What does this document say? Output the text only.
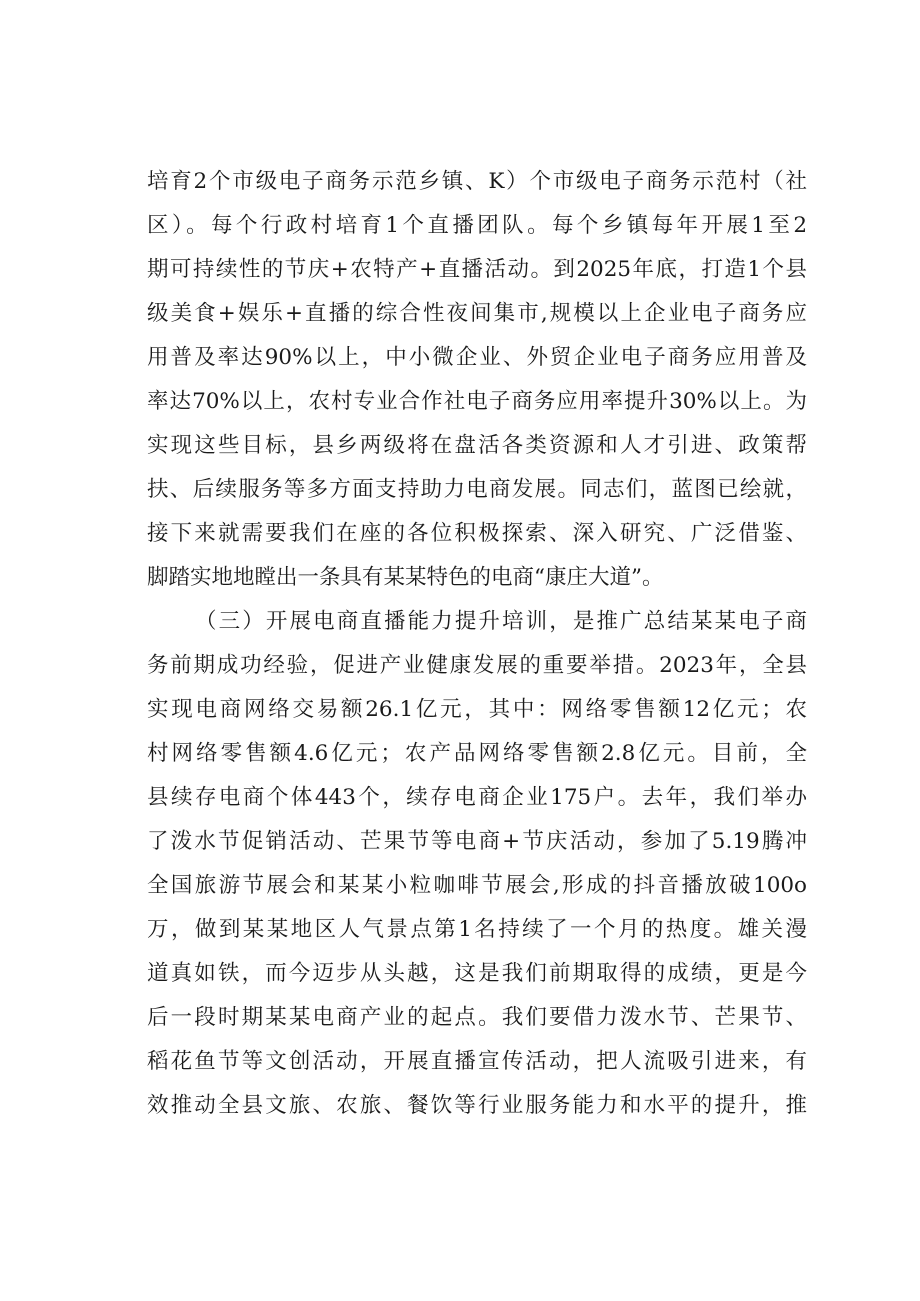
培育2个市级电子商务示范乡镇、K）个市级电子商务示范村（社
区）。每个行政村培育1个直播团队。每个乡镇每年开展1至2
期可持续性的节庆+农特产+直播活动。到2025年底，打造1个县
级美食+娱乐+直播的综合性夜间集市,规模以上企业电子商务应
用普及率达90%以上，中小微企业、外贸企业电子商务应用普及
率达70%以上，农村专业合作社电子商务应用率提升30%以上。为
实现这些目标，县乡两级将在盘活各类资源和人才引进、政策帮
扶、后续服务等多方面支持助力电商发展。同志们，蓝图已绘就，
接下来就需要我们在座的各位积极探索、深入研究、广泛借鉴、
脚踏实地地瞠出一条具有某某特色的电商“康庄大道”。
（三）开展电商直播能力提升培训，是推广总结某某电子商
务前期成功经验，促进产业健康发展的重要举措。2023年，全县
实现电商网络交易额26.1亿元，其中：网络零售额12亿元；农
村网络零售额4.6亿元；农产品网络零售额2.8亿元。目前，全
县续存电商个体443个，续存电商企业175户。去年，我们举办
了泼水节促销活动、芒果节等电商+节庆活动，参加了5.19腾冲
全国旅游节展会和某某小粒咖啡节展会,形成的抖音播放破100o
万，做到某某地区人气景点第1名持续了一个月的热度。雄关漫
道真如铁，而今迈步从头越，这是我们前期取得的成绩，更是今
后一段时期某某电商产业的起点。我们要借力泼水节、芒果节、
稻花鱼节等文创活动，开展直播宣传活动，把人流吸引进来，有
效推动全县文旅、农旅、餐饮等行业服务能力和水平的提升，推
